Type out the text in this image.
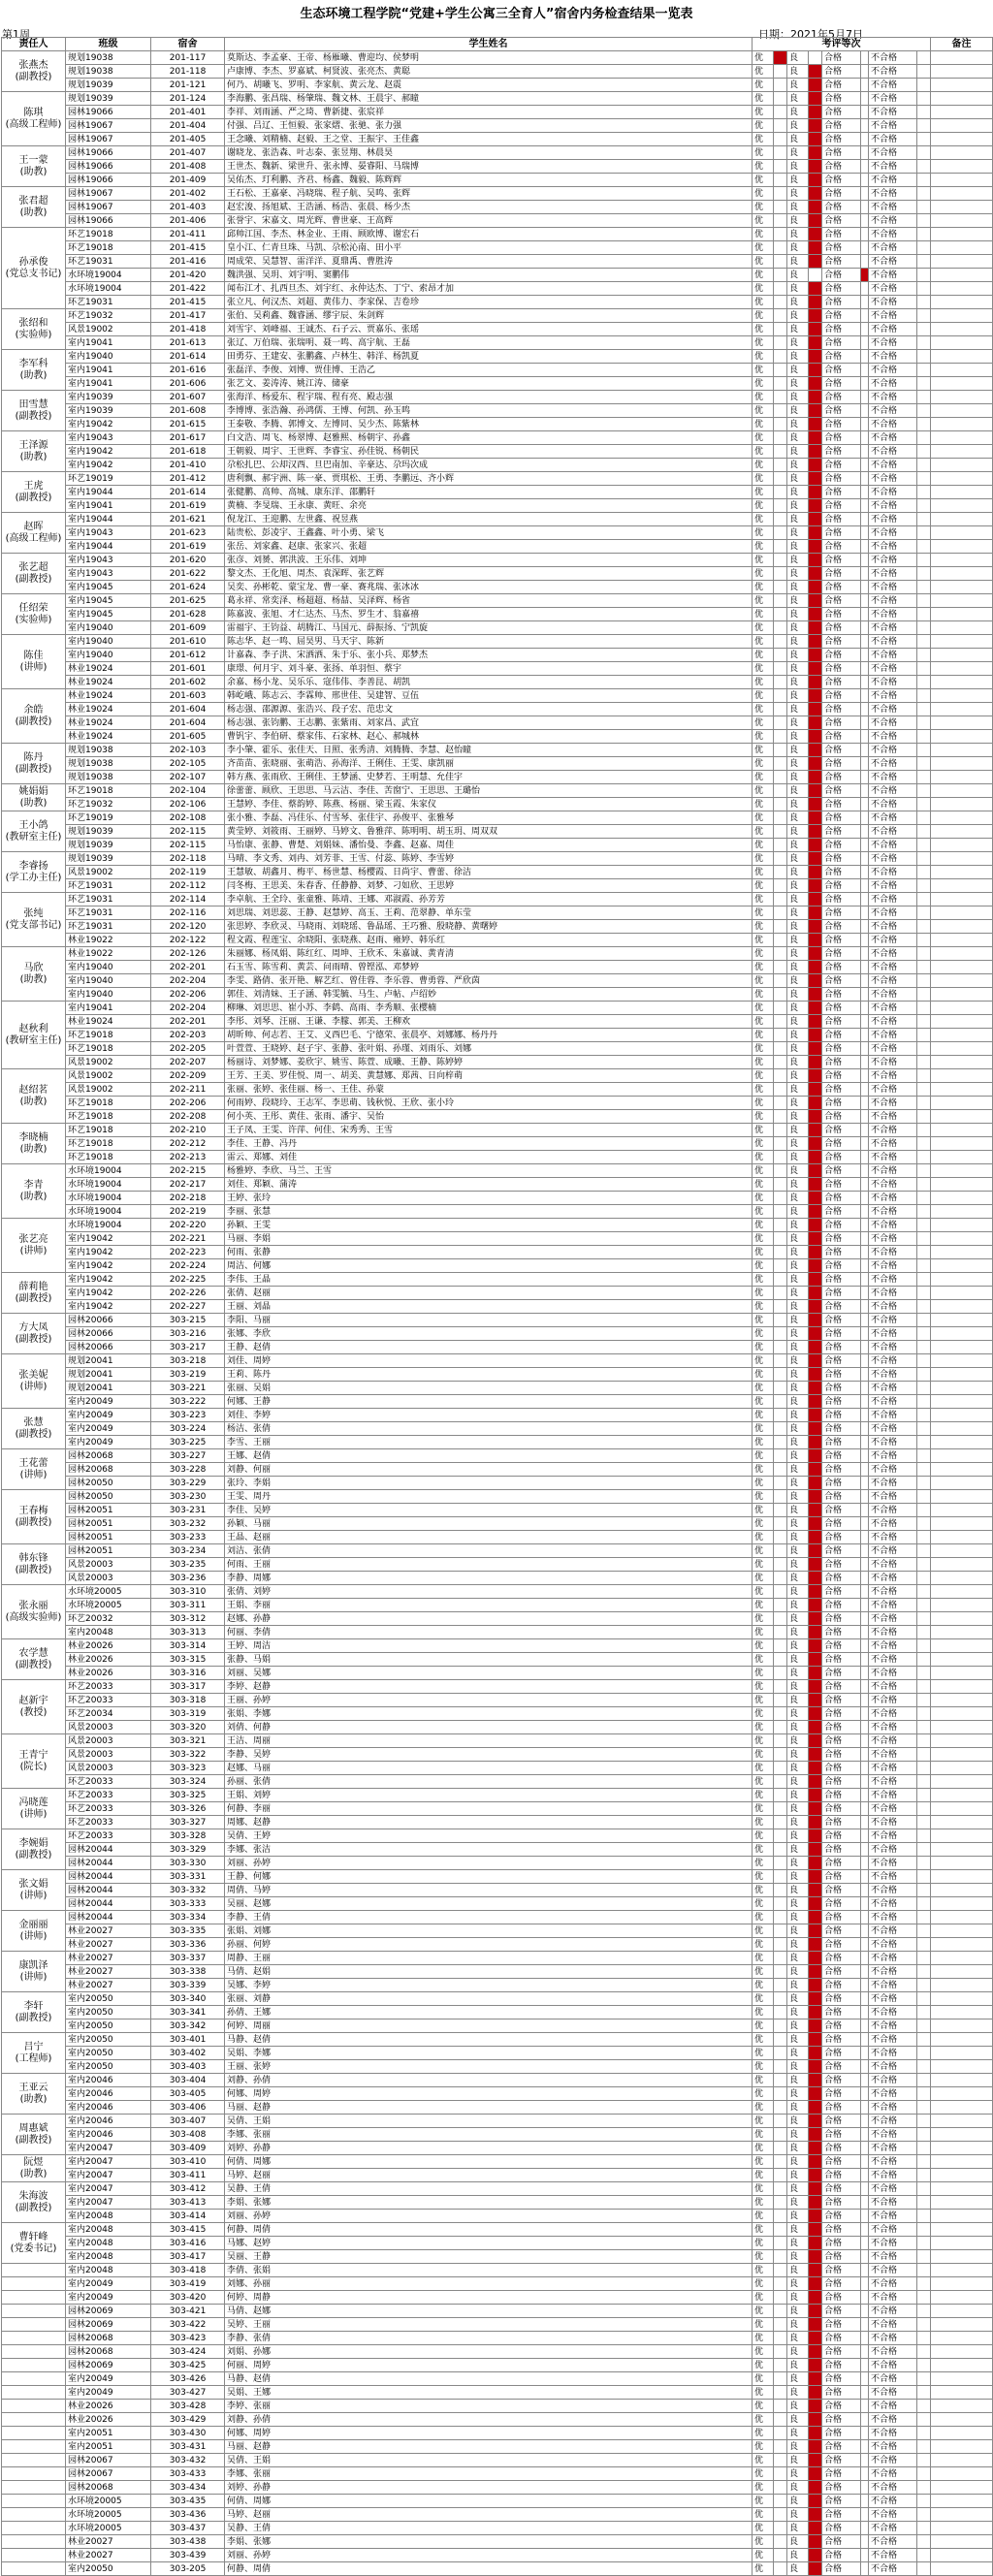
生态环境工程学院“党建+学生公寓三全育人”宿舍内务检查结果一览表
第1周	日期：2021年5月7日
责任人	班级	宿舍	学生姓名	考评等次								备注
张燕杰
(副教授)	规划19038	201-117	莫斯达、李孟豪、王帝、杨雁曦、曹迎均、侯梦明	优		良		合格		不合格		
	规划19038	201-118	卢康博、李杰、罗嘉斌、柯贤波、张亮杰、黄聪	优		良		合格		不合格		
	规划19039	201-121	何乃、胡曦飞、罗明、李家航、黄云龙、赵震	优		良		合格		不合格		
陈琪
(高级工程师)	规划19039	201-124	李海鹏、张昌瑞、杨肇瑞、魏文林、王晨宇、郝瞳	优		良		合格		不合格		
	园林19066	201-401	李祥、刘雨涵、严之琦、曹新捷、张宸祥	优		良		合格		不合格		
	园林19067	201-404	付强、吕辽、王恒毅、张家熠、张驰、张力强	优		良		合格		不合格		
	园林19067	201-405	王念曦、刘精楠、赵毅、王之堂、王振宇、王佳鑫	优		良		合格		不合格		
王一蒙
(助教)	园林19066	201-407	谢晓龙、张浩森、叶志泰、张昱翔、林晨昊	优		良		合格		不合格		
	园林19066	201-408	王世杰、魏新、梁世升、张永博、晏睿阳、马瑞博	优		良		合格		不合格		
	园林19066	201-409	吴佑杰、玎利鹏、齐君、杨鑫、魏毅、陈辉辉	优		良		合格		不合格		
张君超
(助教)	园林19067	201-402	王石松、王嘉豪、冯晓瑞、程子航、吴鸣、张辉	优		良		合格		不合格		
	园林19067	201-403	赵宏浚、扬旭斌、王浩涵、杨浩、张晨、杨少杰	优		良		合格		不合格		
	园林19066	201-406	张誉宇、宋嘉文、周光辉、曹世豪、王高辉	优		良		合格		不合格		
孙承俊
(党总支书记)	环艺19018	201-411	邱帅江国、李杰、林金业、王雨、顾欧博、谢宏石	优		良		合格		不合格		
	环艺19018	201-415	皇小江、仁青旦珠、马凯、尕松沁南、田小平	优		良		合格		不合格		
	环艺19031	201-416	周成荣、吴慧智、雷洋洋、夏鼎禹、曹胜涛	优		良		合格		不合格		
	水环境19004	201-420	魏洪强、吴玥、刘宇明、窦鹏伟	优		良		合格		不合格		
	水环境19004	201-422	闻布江才、扎西旦杰、刘宇红、永仲达杰、丁宁、索昂才加	优		良		合格		不合格		
	环艺19031	201-415	张立凡、何汉杰、刘超、黄伟力、李家保、吉卷珍	优		良		合格		不合格		
张绍和
(实验师)	环艺19032	201-417	张伯、吴莉鑫、魏睿涵、缪宇辰、朱剑辉	优		良		合格		不合格		
	风景19002	201-418	刘雪宇、刘峰福、王诚杰、石子云、贾嘉乐、张瑶	优		良		合格		不合格		
	室内19041	201-613	张辽、万伯瑞、张瑞明、聂一鸣、高宇航、王磊	优		良		合格		不合格		
李军科
(助教)	室内19040	201-614	田勇芬、王建安、张鹏鑫、卢林生、韩洋、杨凯夏	优		良		合格		不合格		
	室内19041	201-616	张磊洋、李俊、刘博、贾佳博、王浩乙	优		良		合格		不合格		
	室内19041	201-606	张艺文、姜涛涛、姚江涛、储豪	优		良		合格		不合格		
田雪慧
(副教授)	室内19039	201-607	张海洋、杨爱东、程宇瑞、程有亮、殿志强	优		良		合格		不合格		
	室内19039	201-608	李博博、张浩瀚、孙鸿儒、王博、何凯、孙玉鸣	优		良		合格		不合格		
	室内19042	201-615	王泰敬、李腾、郭博文、左博同、吴少杰、陈紫林	优		良		合格		不合格		
王泽源
(助教)	室内19043	201-617	白文浩、周飞、杨翠博、赵雅熙、杨朝宇、孙鑫	优		良		合格		不合格		
	室内19042	201-618	王朝毅、周宇、王世辉、李睿宝、孙佳锐、杨朝民	优		良		合格		不合格		
	室内19042	201-410	尕松扎巴、公却汉西、旦巴南加、辛豪达、尕玛次成	优		良		合格		不合格		
王虎
(副教授)	环艺19019	201-412	唐利飘、郝宇洲、陈一豪、贾琪松、王勇、李鹏远、齐小辉	优		良		合格		不合格		
	室内19044	201-614	张健鹏、高帅、高城、康东洋、邵鹏轩	优		良		合格		不合格		
	室内19041	201-619	黄楠、李旻瑞、王永康、黄旺、余亮	优		良		合格		不合格		
赵晖
(高级工程师)	室内19044	201-621	倪龙江、王迎鹏、左世鑫、祝昱燕	优		良		合格		不合格		
	室内19043	201-623	陆贵松、彭凌宇、王鑫鑫、叶小勇、梁飞	优		良		合格		不合格		
	室内19044	201-619	张岳、刘家鑫、赵康、张家兴、张超	优		良		合格		不合格		
张艺超
(副教授)	室内19043	201-620	张彦、刘赟、郭洪波、王乐伟、刘坤	优		良		合格		不合格		
	室内19043	201-622	黎文杰、王化旭、周杰、袁深晖、张艺辉	优		良		合格		不合格		
	室内19045	201-624	吴奕、孙彬乾、蒙宝龙、曹一豪、赛兆瑞、张冰冰	优		良		合格		不合格		
任绍荣
(实验师)	室内19045	201-625	葛永祥、常奕泽、杨超超、杨喆、吴泽辉、杨省	优		良		合格		不合格		
	室内19045	201-628	陈嘉波、张旭、才仁达杰、马杰、罗生才、翁嘉禧	优		良		合格		不合格		
	室内19040	201-609	雷福宇、王钧益、胡腾江、马国元、薛振扬、宁凯旋	优		良		合格		不合格		
陈佳
(讲师)	室内19040	201-610	陈志华、赵一鸣、屈昊男、马天宇、陈新	优		良		合格		不合格		
	室内19040	201-612	计嘉森、李子洪、宋洒洒、朱于乐、张小兵、郑梦杰	优		良		合格		不合格		
	林业19024	201-601	康璟、何月宇、刘斗豪、张扬、单羽恒、蔡宇	优		良		合格		不合格		
	林业19024	201-602	余嘉、杨小龙、吴乐乐、寇伟伟、李善昆、胡凯	优		良		合格		不合格		
余皓
(副教授)	林业19024	201-603	韩屹峨、陈志云、李霖帅、邢世佳、吴建智、豆伍	优		良		合格		不合格		
	林业19024	201-604	杨志强、邵源源、张浩兴、段子宏、范忠文	优		良		合格		不合格		
	林业19024	201-604	杨志强、张钧鹏、王志鹏、张紫雨、刘家昌、武宜	优		良		合格		不合格		
	林业19024	201-605	曹钒宇、李伯研、蔡家伟、石家林、赵心、郝城林	优		良		合格		不合格		
陈丹
(副教授)	规划19038	202-103	李小肇、霍乐、张佳天、日照、张秀清、刘腾腾、李慧、赵怡瞳	优		良		合格		不合格		
	规划19038	202-105	齐苗苗、张晓丽、张萌浩、孙海洋、王俐佳、王雯、康凯丽	优		良		合格		不合格		
	规划19038	202-107	韩方燕、张雨欣、王俐佳、王梦涵、史梦若、王明慧、允佳宇	优		良		合格		不合格		
姚娟娟
(助教)	环艺19018	202-104	徐蕾蕾、顾欣、王思思、马云洁、李佳、苦窗宁、王思思、王璐怡	优		良		合格		不合格		
	环艺19032	202-106	王慧婷、李佳、蔡韵婷、陈燕、杨丽、梁玉霞、朱家仪	优		良		合格		不合格		
王小鸽
(教研室主任)	环艺19019	202-108	张小雅、李磊、冯佳乐、付雪琴、张佳宇、孙俊平、张雅琴	优		良		合格		不合格		
	规划19039	202-115	黄莹婷、刘筱雨、王丽婷、马婷文、鲁雅萍、陈明明、胡玉玥、周双双	优		良		合格		不合格		
	规划19039	202-115	马怡康、张静、曹楚、刘娟妹、潘怡曼、李鑫、赵嘉、周佳	优		良		合格		不合格		
李睿扬
(学工办主任)	规划19039	202-118	马晴、李文秀、刘冉、刘芳菲、王雪、付蕊、陈婷、李雪婷	优		良		合格		不合格		
	风景19002	202-119	王慧敏、胡鑫月、梅平、杨世慧、杨樱霞、日尚宇、曹蕾、徐洁	优		良		合格		不合格		
	环艺19031	202-112	闫冬梅、王思美、朱春香、任静静、刘梦、刁如欣、王思婷	优		良		合格		不合格		
张纯
(党支部书记)	环艺19031	202-114	李卓航、王全玲、张童雅、陈靖、王娜、邓淑霞、孙芳芳	优		良		合格		不合格		
	环艺19031	202-116	刘思瑞、刘思蕊、王静、赵慧婷、高玉、王莉、范翠静、单东莹	优		良		合格		不合格		
	环艺19031	202-120	张思婷、李欣灵、马晓雨、刘晓瑶、鲁晶瑶、王巧雅、殷晓静、黄曙婷	优		良		合格		不合格		
	林业19022	202-122	程文霞、程莲宝、余晓阳、张晓燕、赵雨、雍婷、韩乐红	优		良		合格		不合格		
马欣
(助教)	林业19022	202-126	朱丽娜、杨凤娟、陈红红、周坤、王欣禾、朱嘉诚、黄青清	优		良		合格		不合格		
	室内19040	202-201	石玉雪、陈雪莉、黄芸、问雨晴、曾铿泓、邓梦婷	优		良		合格		不合格		
	室内19040	202-204	李雯、路倩、张开艳、解艺红、曾佳蓉、李乐蓉、曹勇蓉、严欣茵	优		良		合格		不合格		
	室内19040	202-206	郭佳、刘清妹、王子涵、韩雯毓、马生、卢帖、卢绍妙	优		良		合格		不合格		
赵秋利
(教研室主任)	室内19041	202-204	柳琳、刘思思、崔小苏、李鹤、高雨、李秀顺、张樱楠	优		良		合格		不合格		
	林业19024	202-201	李彤、刘琴、汪丽、王谦、李朦、郭美、王柳欢	优		良		合格		不合格		
	环艺19018	202-203	胡昕帅、何志若、王艾、义西巴毛、宁德荣、张晨亭、刘娜娜、杨丹丹	优		良		合格		不合格		
	环艺19018	202-205	叶萱萱、王晓婷、赵子宇、张静、张叶娟、孙瑾、刘雨乐、刘娜	优		良		合格		不合格		
	风景19002	202-207	杨丽诗、刘梦娜、姜欣宇、姚雪、陈萱、成曦、王静、陈婷婷	优		良		合格		不合格		
赵绍茗
(助教)	风景19002	202-209	王芳、王美、罗佳悦、周一、胡美、黄慧娜、郑茜、日向梓萌	优		良		合格		不合格		
	风景19002	202-211	张丽、张婷、张佳丽、杨一、王佳、孙蒙	优		良		合格		不合格		
	环艺19018	202-206	何雨婷、段晓玲、王志军、李思萌、钱秋悦、王欣、张小玲	优		良		合格		不合格		
	环艺19018	202-208	何小英、王彤、黄佳、张雨、潘宇、吴怡	优		良		合格		不合格		
李晓楠
(助教)	环艺19018	202-210	王子凤、王雯、许萍、何佳、宋秀秀、王雪	优		良		合格		不合格		
	环艺19018	202-212	李佳、王静、冯丹	优		良		合格		不合格		
	环艺19018	202-213	雷云、郑娜、刘佳	优		良		合格		不合格		
李青
(助教)	水环境19004	202-215	杨雅婷、李欣、马兰、王雪	优		良		合格		不合格		
	水环境19004	202-217	刘佳、郑颖、蒲涛	优		良		合格		不合格		
	水环境19004	202-218	王婷、张玲	优		良		合格		不合格		
	水环境19004	202-219	李丽、张慧	优		良		合格		不合格		
张艺亮
(讲师)	水环境19004	202-220	孙颖、王雯	优		良		合格		不合格		
	室内19042	202-221	马丽、李娟	优		良		合格		不合格		
	室内19042	202-223	何雨、张静	优		良		合格		不合格		
	室内19042	202-224	周洁、何娜	优		良		合格		不合格		
薛莉艳
(副教授)	室内19042	202-225	李伟、王晶	优		良		合格		不合格		
	室内19042	202-226	张倩、赵丽	优		良		合格		不合格		
	室内19042	202-227	王丽、刘晶	优		良		合格		不合格		
方大凤
(副教授)	园林20066	303-215	李阳、马丽	优		良		合格		不合格		
	园林20066	303-216	张娜、李欣	优		良		合格		不合格		
	园林20066	303-217	王静、赵倩	优		良		合格		不合格		
张美妮
(讲师)	规划20041	303-218	刘佳、周婷	优		良		合格		不合格		
	规划20041	303-219	王莉、陈丹	优		良		合格		不合格		
	规划20041	303-221	张丽、吴娟	优		良		合格		不合格		
	室内20049	303-222	何娜、王静	优		良		合格		不合格		
张慧
(副教授)	室内20049	303-223	刘佳、李婷	优		良		合格		不合格		
	室内20049	303-224	杨洁、张倩	优		良		合格		不合格		
	室内20049	303-225	李雪、王丽	优		良		合格		不合格		
王花蕾
(讲师)	园林20068	303-227	王娜、赵倩	优		良		合格		不合格		
	园林20068	303-228	刘静、何丽	优		良		合格		不合格		
	园林20050	303-229	张玲、李娟	优		良		合格		不合格		
王春梅
(副教授)	园林20050	303-230	王雯、周丹	优		良		合格		不合格		
	园林20051	303-231	李佳、吴婷	优		良		合格		不合格		
	园林20051	303-232	孙颖、马丽	优		良		合格		不合格		
	园林20051	303-233	王晶、赵丽	优		良		合格		不合格		
韩东锋
(副教授)	园林20051	303-234	刘洁、张倩	优		良		合格		不合格		
	风景20003	303-235	何雨、王丽	优		良		合格		不合格		
	风景20003	303-236	李静、周娜	优		良		合格		不合格		
张永丽
(高级实验师)	水环境20005	303-310	张倩、刘婷	优		良		合格		不合格		
	水环境20005	303-311	王娟、李丽	优		良		合格		不合格		
	环艺20032	303-312	赵娜、孙静	优		良		合格		不合格		
	室内20048	303-313	何丽、李倩	优		良		合格		不合格		
农学慧
(副教授)	林业20026	303-314	王婷、周洁	优		良		合格		不合格		
	林业20026	303-315	张静、马娟	优		良		合格		不合格		
	林业20026	303-316	刘丽、吴娜	优		良		合格		不合格		
赵新宇
(教授)	环艺20033	303-317	李婷、赵静	优		良		合格		不合格		
	环艺20033	303-318	王丽、孙婷	优		良		合格		不合格		
	环艺20034	303-319	张娟、李娜	优		良		合格		不合格		
	风景20003	303-320	刘倩、何静	优		良		合格		不合格		
王青宁
(院长)	风景20003	303-321	王洁、周丽	优		良		合格		不合格		
	风景20003	303-322	李静、吴婷	优		良		合格		不合格		
	风景20003	303-323	赵娜、马丽	优		良		合格		不合格		
	环艺20033	303-324	孙丽、张倩	优		良		合格		不合格		
冯晓莲
(讲师)	环艺20033	303-325	王娟、刘婷	优		良		合格		不合格		
	环艺20033	303-326	何静、李丽	优		良		合格		不合格		
	环艺20033	303-327	周娜、赵静	优		良		合格		不合格		
李婉娟
(副教授)	环艺20033	303-328	吴倩、王婷	优		良		合格		不合格		
	园林20044	303-329	李娜、张洁	优		良		合格		不合格		
	园林20044	303-330	刘丽、孙婷	优		良		合格		不合格		
张文娟
(讲师)	园林20044	303-331	王静、何娜	优		良		合格		不合格		
	园林20044	303-332	周倩、马婷	优		良		合格		不合格		
	园林20044	303-333	吴丽、赵娜	优		良		合格		不合格		
金丽丽
(讲师)	园林20044	303-334	李静、王倩	优		良		合格		不合格		
	林业20027	303-335	张娟、刘娜	优		良		合格		不合格		
	林业20027	303-336	孙丽、何婷	优		良		合格		不合格		
康凯泽
(讲师)	林业20027	303-337	周静、王丽	优		良		合格		不合格		
	林业20027	303-338	马倩、赵娟	优		良		合格		不合格		
	林业20027	303-339	吴娜、李婷	优		良		合格		不合格		
李轩
(副教授)	室内20050	303-340	张丽、刘静	优		良		合格		不合格		
	室内20050	303-341	孙倩、王娜	优		良		合格		不合格		
	室内20050	303-342	何婷、周丽	优		良		合格		不合格		
吕宁
(工程师)	室内20050	303-401	马静、赵倩	优		良		合格		不合格		
	室内20050	303-402	吴娟、李娜	优		良		合格		不合格		
	室内20050	303-403	王丽、张婷	优		良		合格		不合格		
王亚云
(助教)	室内20046	303-404	刘静、孙倩	优		良		合格		不合格		
	室内20046	303-405	何娜、周婷	优		良		合格		不合格		
	室内20046	303-406	马丽、赵静	优		良		合格		不合格		
周惠斌
(副教授)	室内20046	303-407	吴倩、王娟	优		良		合格		不合格		
	室内20046	303-408	李娜、张丽	优		良		合格		不合格		
	室内20047	303-409	刘婷、孙静	优		良		合格		不合格		
阮煜
(助教)	室内20047	303-410	何倩、周娜	优		良		合格		不合格		
	室内20047	303-411	马婷、赵丽	优		良		合格		不合格		
朱海波
(副教授)	室内20047	303-412	吴静、王倩	优		良		合格		不合格		
	室内20047	303-413	李娟、张娜	优		良		合格		不合格		
	室内20048	303-414	刘丽、孙婷	优		良		合格		不合格		
曹轩峰
(党委书记)	室内20048	303-415	何静、周倩	优		良		合格		不合格		
	室内20048	303-416	马娜、赵婷	优		良		合格		不合格		
	室内20048	303-417	吴丽、王静	优		良		合格		不合格		
	室内20048	303-418	李倩、张娟	优		良		合格		不合格		
	室内20049	303-419	刘娜、孙丽	优		良		合格		不合格		
	室内20049	303-420	何婷、周静	优		良		合格		不合格		
	园林20069	303-421	马倩、赵娜	优		良		合格		不合格		
	园林20069	303-422	吴婷、王丽	优		良		合格		不合格		
	园林20068	303-423	李静、张倩	优		良		合格		不合格		
	园林20068	303-424	刘娟、孙娜	优		良		合格		不合格		
	园林20069	303-425	何丽、周婷	优		良		合格		不合格		
	室内20049	303-426	马静、赵倩	优		良		合格		不合格		
	室内20049	303-427	吴娟、王娜	优		良		合格		不合格		
	林业20026	303-428	李婷、张丽	优		良		合格		不合格		
	林业20026	303-429	刘静、孙倩	优		良		合格		不合格		
	室内20051	303-430	何娜、周婷	优		良		合格		不合格		
	室内20051	303-431	马丽、赵静	优		良		合格		不合格		
	园林20067	303-432	吴倩、王娟	优		良		合格		不合格		
	园林20067	303-433	李娜、张丽	优		良		合格		不合格		
	园林20068	303-434	刘婷、孙静	优		良		合格		不合格		
	水环境20005	303-435	何倩、周娜	优		良		合格		不合格		
	水环境20005	303-436	马婷、赵丽	优		良		合格		不合格		
	水环境20005	303-437	吴静、王倩	优		良		合格		不合格		
	林业20027	303-438	李娟、张娜	优		良		合格		不合格		
	林业20027	303-439	刘丽、孙婷	优		良		合格		不合格		
	室内20050	303-205	何静、周倩	优		良		合格		不合格		
